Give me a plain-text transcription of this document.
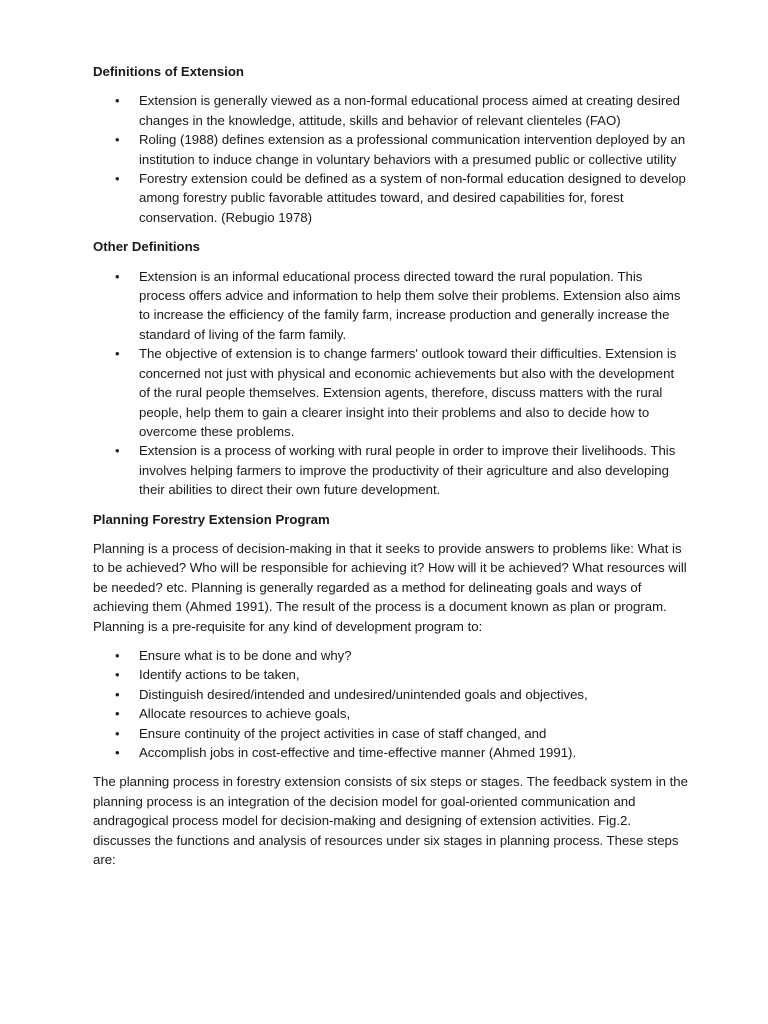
Definitions of Extension
• Extension is generally viewed as a non-formal educational process aimed at creating desired changes in the knowledge, attitude, skills and behavior of relevant clienteles (FAO)
• Roling (1988) defines extension as a professional communication intervention deployed by an institution to induce change in voluntary behaviors with a presumed public or collective utility
• Forestry extension could be defined as a system of non-formal education designed to develop among forestry public favorable attitudes toward, and desired capabilities for, forest conservation. (Rebugio 1978)
Other Definitions
• Extension is an informal educational process directed toward the rural population. This process offers advice and information to help them solve their problems. Extension also aims to increase the efficiency of the family farm, increase production and generally increase the standard of living of the farm family.
• The objective of extension is to change farmers' outlook toward their difficulties. Extension is concerned not just with physical and economic achievements but also with the development of the rural people themselves. Extension agents, therefore, discuss matters with the rural people, help them to gain a clearer insight into their problems and also to decide how to overcome these problems.
• Extension is a process of working with rural people in order to improve their livelihoods. This involves helping farmers to improve the productivity of their agriculture and also developing their abilities to direct their own future development.
Planning Forestry Extension Program

Planning is a process of decision-making in that it seeks to provide answers to problems like: What is to be achieved? Who will be responsible for achieving it? How will it be achieved? What resources will be needed? etc. Planning is generally regarded as a method for delineating goals and ways of achieving them (Ahmed 1991). The result of the process is a document known as plan or program. Planning is a pre-requisite for any kind of development program to:

• Ensure what is to be done and why?
• Identify actions to be taken,
• Distinguish desired/intended and undesired/unintended goals and objectives,
• Allocate resources to achieve goals,
• Ensure continuity of the project activities in case of staff changed, and
• Accomplish jobs in cost-effective and time-effective manner (Ahmed 1991).

The planning process in forestry extension consists of six steps or stages. The feedback system in the planning process is an integration of the decision model for goal-oriented communication and andragogical process model for decision-making and designing of extension activities. Fig.2. discusses the functions and analysis of resources under six stages in planning process. These steps are:
